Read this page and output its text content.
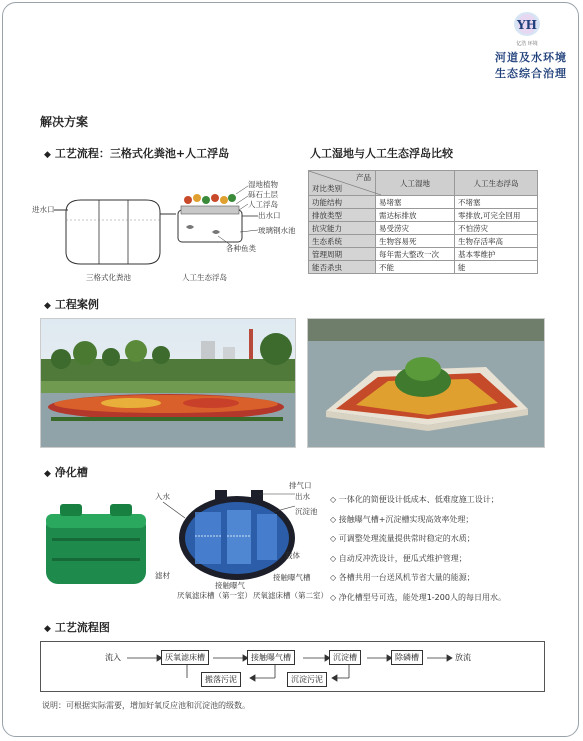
YH
亿浩 环境
河道及水环境
生态综合治理
解决方案
◆ 工艺流程：三格式化粪池+人工浮岛
进水口
出水口
湿地植物
砾石土层
人工浮岛
玻璃钢水池
各种鱼类
三格式化粪池	人工生态浮岛
人工湿地与人工生态浮岛比较
产品
对比类别	人工湿地	人工生态浮岛
功能结构	易堵塞	不堵塞
排放类型	需达标排放	零排放,可完全回用
抗灾能力	易受涝灾	不怕涝灾
生态系统	生物容易死	生物存活率高
管理周期	每年需大整改一次	基本零维护
能否杀虫	不能	能
◆ 工程案例
◆ 净化槽
入水
排气口
出水
沉淀池
载体
滤材
接触曝气
接触曝气槽
厌氧滤床槽（第一室） 厌氧滤床槽（第二室）
◇ 一体化的简便设计低成本、低难度施工设计；
◇ 接触曝气槽+沉淀槽实现高效率处理；
◇ 可调整处理流量提供常时稳定的水质；
◇ 自动反冲洗设计，便瓜式维护管理；
◇ 各槽共用一台送风机节省大量的能源；
◇ 净化槽型号可选，能处理1-200人的每日用水。
◆ 工艺流程图
流入	厌氧滤床槽	接触曝气槽	沉淀槽	除磷槽	放流
搬落污泥	沉淀污泥
说明：可根据实际需要，增加好氧反应池和沉淀池的级数。
